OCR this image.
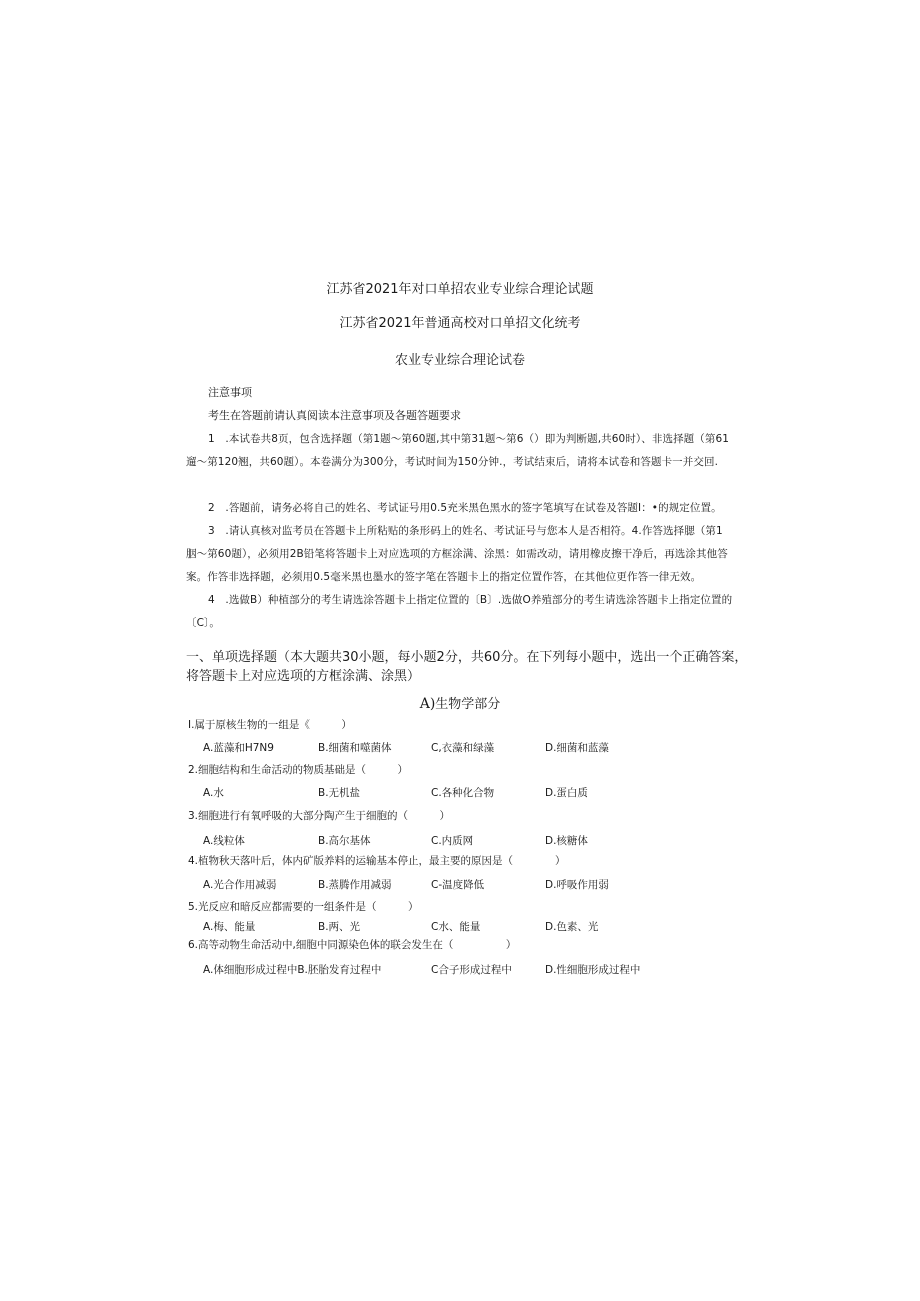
江苏省2021年对口单招农业专业综合理论试题
江苏省2021年普通高校对口单招文化统考
农业专业综合理论试卷
注意事项
考生在答题前请认真阅读本注意事项及各题答题要求
1　.本试卷共8页，包含选择题（第1题〜第60题,其中第31题〜第6（）即为判断题,共60时）、非选择题（第61遛〜第120翘，共60题）。本卷满分为300分，考试时间为150分钟.，考试结束后，请将本试卷和答题卡一并交回.
2　.答题前，请务必将自己的姓名、考试证号用0.5充米黑色黑水的签字笔填写在试卷及答题I：•的规定位置。
3　.请认真核对监考员在答题卡上所粘贴的条形码上的姓名、考试证号与您本人是否相符。4.作答选择腮（第1胭〜第60题），必须用2B铅笔将答题卡上对应选项的方框涂满、涂黑：如需改动，请用橡皮擦干净后，再选涂其他答案。作答非选择题，必须用0.5毫米黑也墨水的签字笔在答题卡上的指定位置作答，在其他位更作答一律无效。
4　.选做B）种植部分的考生请选涂答题卡上指定位置的〔B〕.选做O养殖部分的考生请选涂答题卡上指定位置的〔C〕。
一、单项选择题（本大题共30小题，每小题2分，共60分。在下列每小题中，选出一个正确答案，将答题卡上对应选项的方框涂满、涂黑）
A)生物学部分
I.属于原核生物的一组是《　　　）
A.蓝藻和H7N9	B.细菌和噬菌体	C,衣藻和绿藻	D.细菌和蓝藻
2.细胞结构和生命活动的物质基础是（　　　）
A.水	B.无机盐	C.各种化合物	D.蛋白质
3.细胞进行有氧呼吸的大部分陶产生于细胞的（　　　）
A.线粒体	B.高尔基体	C.内质网	D.核糖体
4.植物秋天落叶后，体内矿版养料的运输基本停止，最主要的原因是（　　　　）
A.光合作用减弱	B.蒸腾作用减弱	C-温度降低	D.呼吸作用弱
5.光反应和暗反应都需要的一组条件是（　　　）
A.梅、能量	B.两、光	C水、能量	D.色素、光
6.高等动物生命活动中,细胞中同源染色体的联会发生在（　　　　　）
A.体细胞形成过程中B.胚胎发育过程中	C合子形成过程中	D.性细胞形成过程中
